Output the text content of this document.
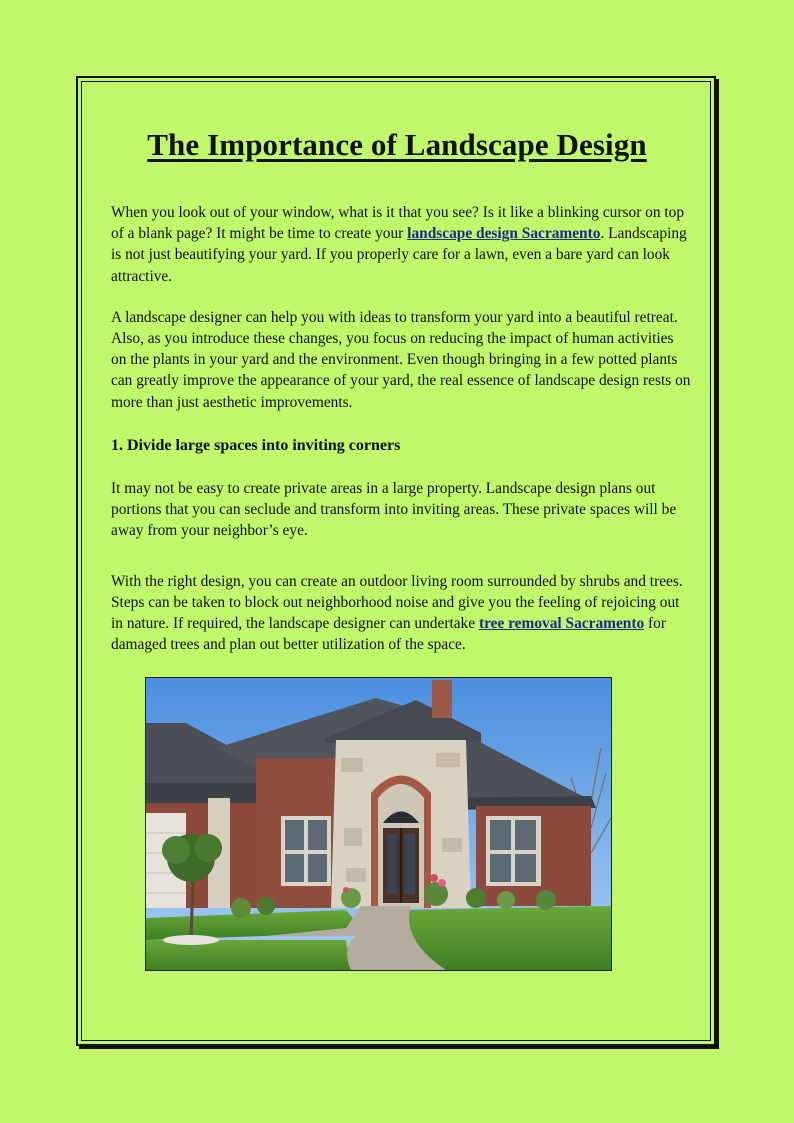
The Importance of Landscape Design

When you look out of your window, what is it that you see? Is it like a blinking cursor on top of a blank page? It might be time to create your landscape design Sacramento. Landscaping is not just beautifying your yard. If you properly care for a lawn, even a bare yard can look attractive.

A landscape designer can help you with ideas to transform your yard into a beautiful retreat. Also, as you introduce these changes, you focus on reducing the impact of human activities on the plants in your yard and the environment. Even though bringing in a few potted plants can greatly improve the appearance of your yard, the real essence of landscape design rests on more than just aesthetic improvements.

1. Divide large spaces into inviting corners

It may not be easy to create private areas in a large property. Landscape design plans out portions that you can seclude and transform into inviting areas. These private spaces will be away from your neighbor’s eye.

With the right design, you can create an outdoor living room surrounded by shrubs and trees. Steps can be taken to block out neighborhood noise and give you the feeling of rejoicing out in nature. If required, the landscape designer can undertake tree removal Sacramento for damaged trees and plan out better utilization of the space.
